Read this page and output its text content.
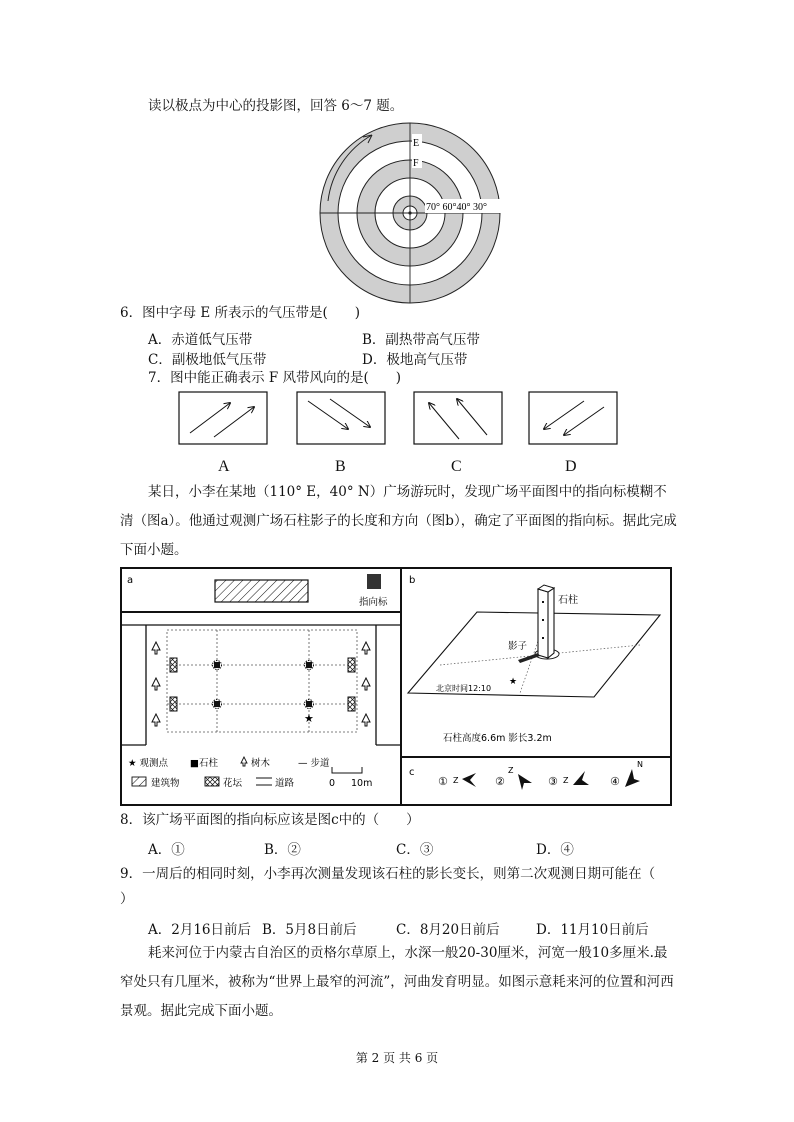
读以极点为中心的投影图，回答 6～7 题。
E
F
70° 60°40° 30°
6．图中字母 E 所表示的气压带是(　　)
A．赤道低气压带	B．副热带高气压带
C．副极地低气压带	D．极地高气压带
7．图中能正确表示 F 风带风向的是(　　)
A	B	C	D
某日，小李在某地（110° E，40° N）广场游玩时，发现广场平面图中的指向标模糊不清（图a）。他通过观测广场石柱影子的长度和方向（图b），确定了平面图的指向标。据此完成下面小题。
a
指向标
★
★ 观测点 ■石柱	树木	— 步道
建筑物	花坛	道路	0 10m
b
石柱
影子
★
北京时间12:10
石柱高度6.6m 影长3.2m
c
① Z	②
Z
③ Z	④
N
8．该广场平面图的指向标应该是图c中的（　　）
A．①	B．②	C．③	D．④
9．一周后的相同时刻，小李再次测量发现该石柱的影长变长，则第二次观测日期可能在（
）
A．2月16日前后 B．5月8日前后	C．8月20日前后	D．11月10日前后
耗来河位于内蒙古自治区的贡格尔草原上，水深一般20-30厘米，河宽一般10多厘米.最窄处只有几厘米，被称为“世界上最窄的河流”，河曲发育明显。如图示意耗来河的位置和河西景观。据此完成下面小题。
第 2 页 共 6 页
